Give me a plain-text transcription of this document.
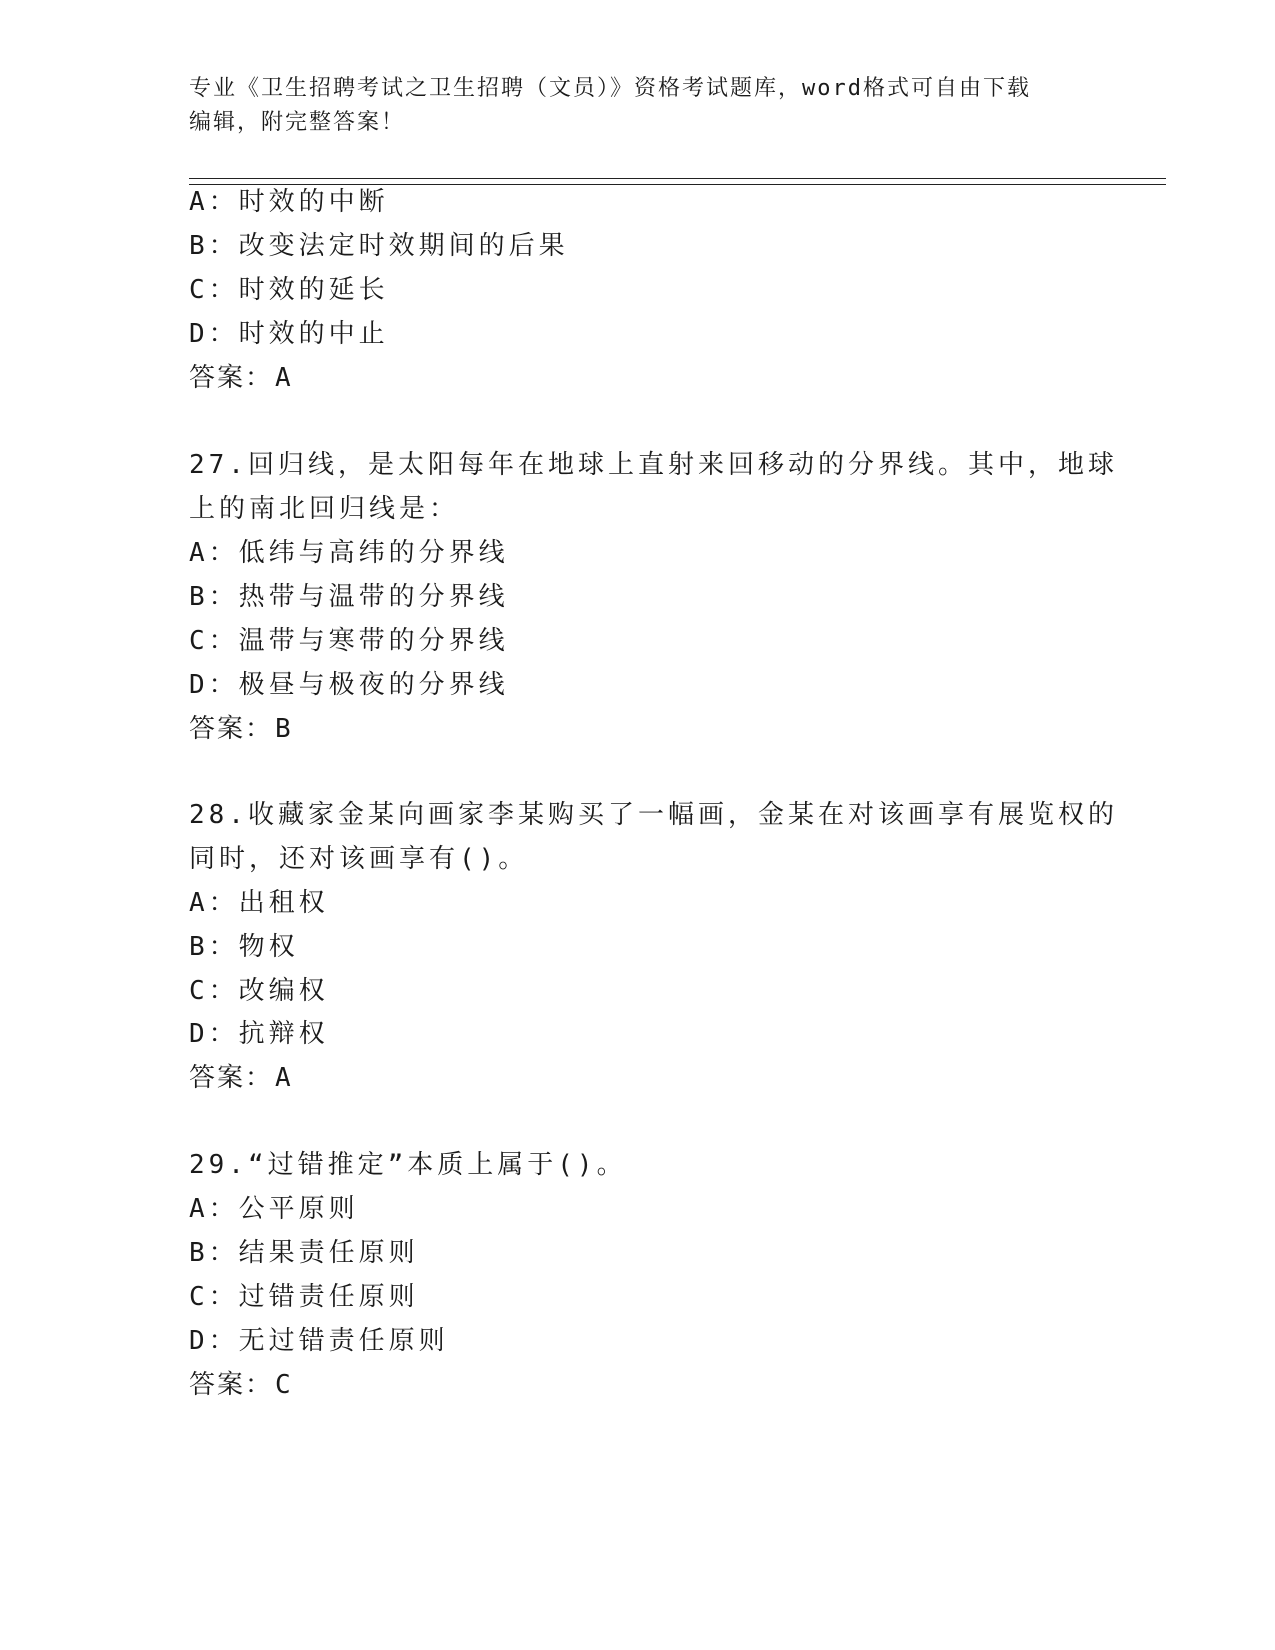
专业《卫生招聘考试之卫生招聘（文员）》资格考试题库，word格式可自由下载
编辑，附完整答案！
A：时效的中断
B：改变法定时效期间的后果
C：时效的延长
D：时效的中止
答案：A
27.回归线，是太阳每年在地球上直射来回移动的分界线。其中，地球
上的南北回归线是：
A：低纬与高纬的分界线
B：热带与温带的分界线
C：温带与寒带的分界线
D：极昼与极夜的分界线
答案：B
28.收藏家金某向画家李某购买了一幅画，金某在对该画享有展览权的
同时，还对该画享有()。
A：出租权
B：物权
C：改编权
D：抗辩权
答案：A
29.“过错推定”本质上属于()。
A：公平原则
B：结果责任原则
C：过错责任原则
D：无过错责任原则
答案：C
